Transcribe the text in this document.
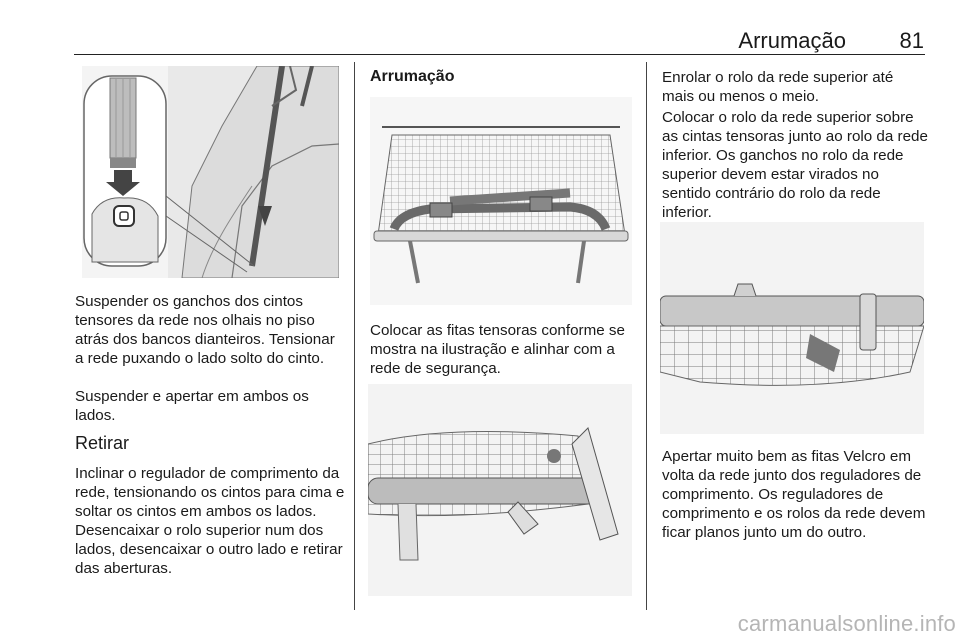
Arrumação	81

Suspender os ganchos dos cintos tensores da rede nos olhais no piso atrás dos bancos dianteiros. Tensionar a rede puxando o lado solto do cinto.

Suspender e apertar em ambos os lados.

Retirar

Inclinar o regulador de comprimento da rede, tensionando os cintos para cima e soltar os cintos em ambos os lados. Desencaixar o rolo superior num dos lados, desencaixar o outro lado e retirar das aberturas.

Arrumação

Colocar as fitas tensoras conforme se mostra na ilustração e alinhar com a rede de segurança.

Enrolar o rolo da rede superior até mais ou menos o meio.

Colocar o rolo da rede superior sobre as cintas tensoras junto ao rolo da rede inferior. Os ganchos no rolo da rede superior devem estar virados no sentido contrário do rolo da rede inferior.

Apertar muito bem as fitas Velcro em volta da rede junto dos reguladores de comprimento. Os reguladores de comprimento e os rolos da rede devem ficar planos junto um do outro.

carmanualsonline.info
